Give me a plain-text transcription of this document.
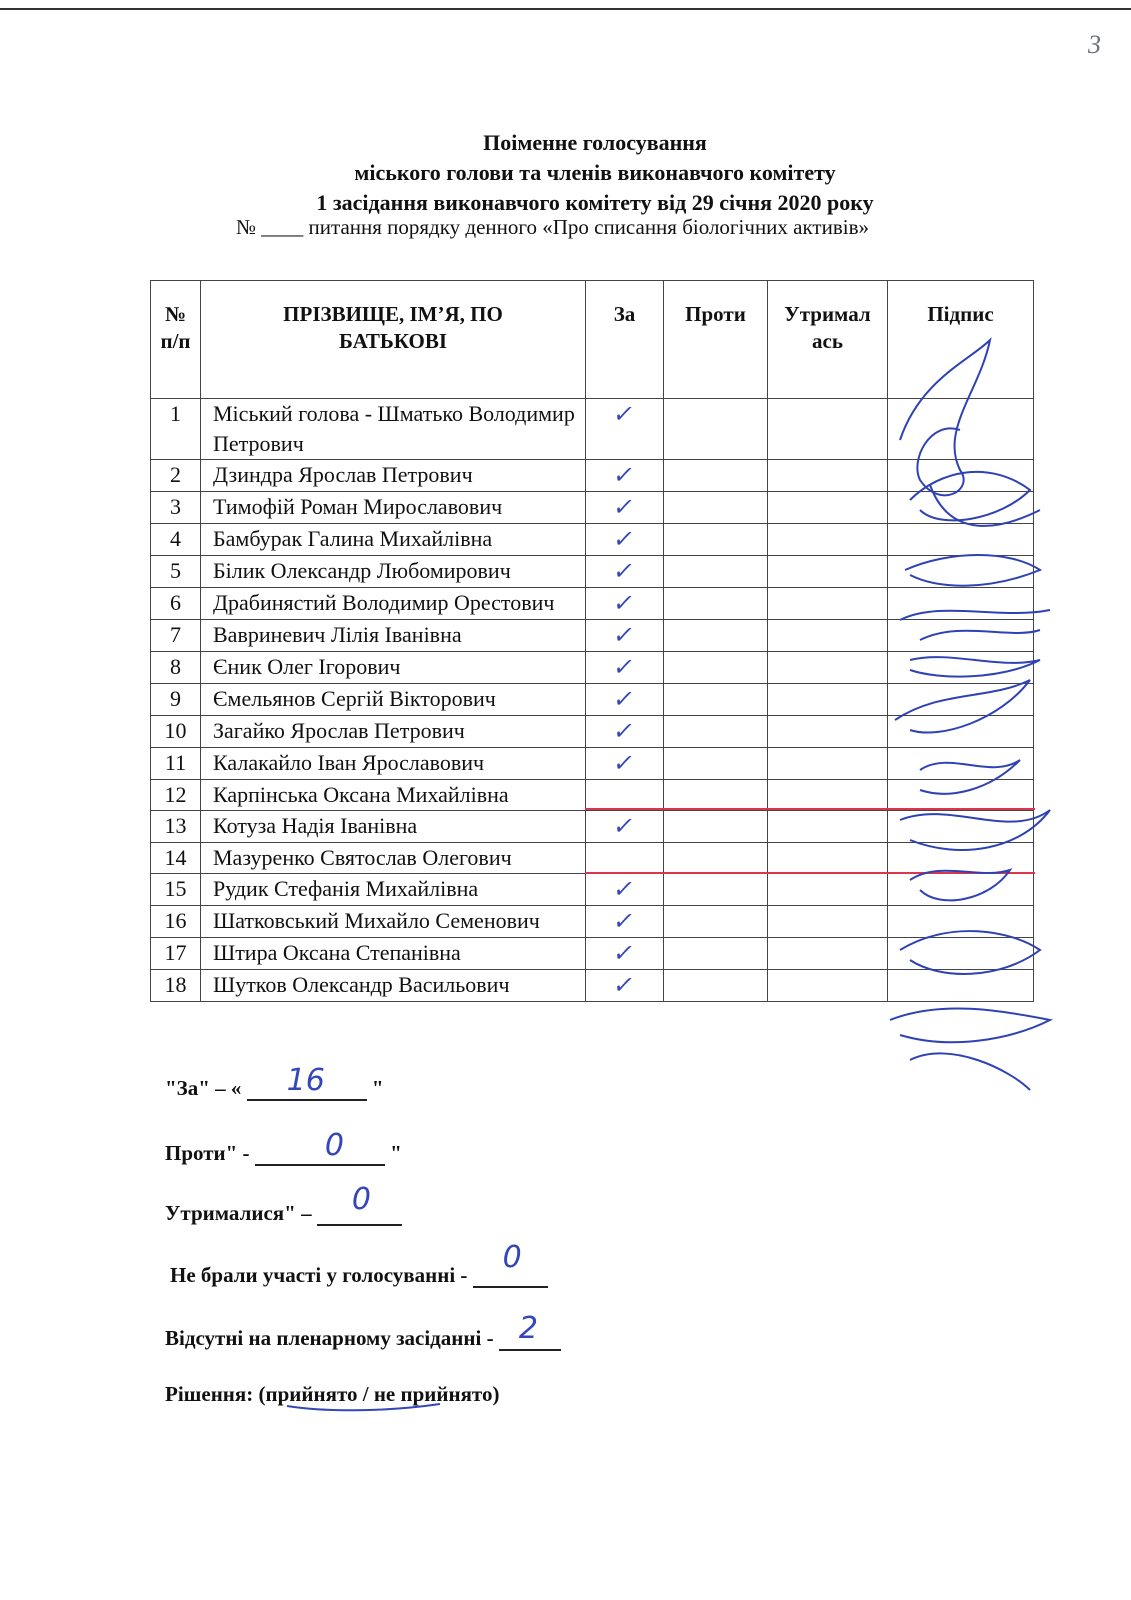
3
Поіменне голосування
міського голови та членів виконавчого комітету
1 засідання виконавчого комітету від 29 січня 2020 року
№ ____ питання порядку денного «Про списання біологічних активів»
№ п/п	ПРІЗВИЩЕ, ІМ’Я, ПО БАТЬКОВІ	За	Проти	Утрималась	Підпис
1	Міський голова - Шматько Володимир Петрович	✓			
2	Дзиндра Ярослав Петрович	✓			
3	Тимофій Роман Мирославович	✓			
4	Бамбурак Галина Михайлівна	✓			
5	Білик Олександр Любомирович	✓			
6	Драбинястий Володимир Орестович	✓			
7	Вавриневич Лілія Іванівна	✓			
8	Єник Олег Ігорович	✓			
9	Ємельянов Сергій Вікторович	✓			
10	Загайко Ярослав Петрович	✓			
11	Калакайло Іван Ярославович	✓			
12	Карпінська Оксана Михайлівна				
13	Котуза Надія Іванівна	✓			
14	Мазуренко Святослав Олегович				
15	Рудик Стефанія Михайлівна	✓			
16	Шатковський Михайло Семенович	✓			
17	Штира Оксана Степанівна	✓			
18	Шутков Олександр Васильович	✓			
"За" – « 16 "
Проти" -	0 "
Утрималися" – 0
Не брали участі у голосуванні - 0
Відсутні на пленарному засіданні - 2
Рішення: (прийнято / не прийнято)
